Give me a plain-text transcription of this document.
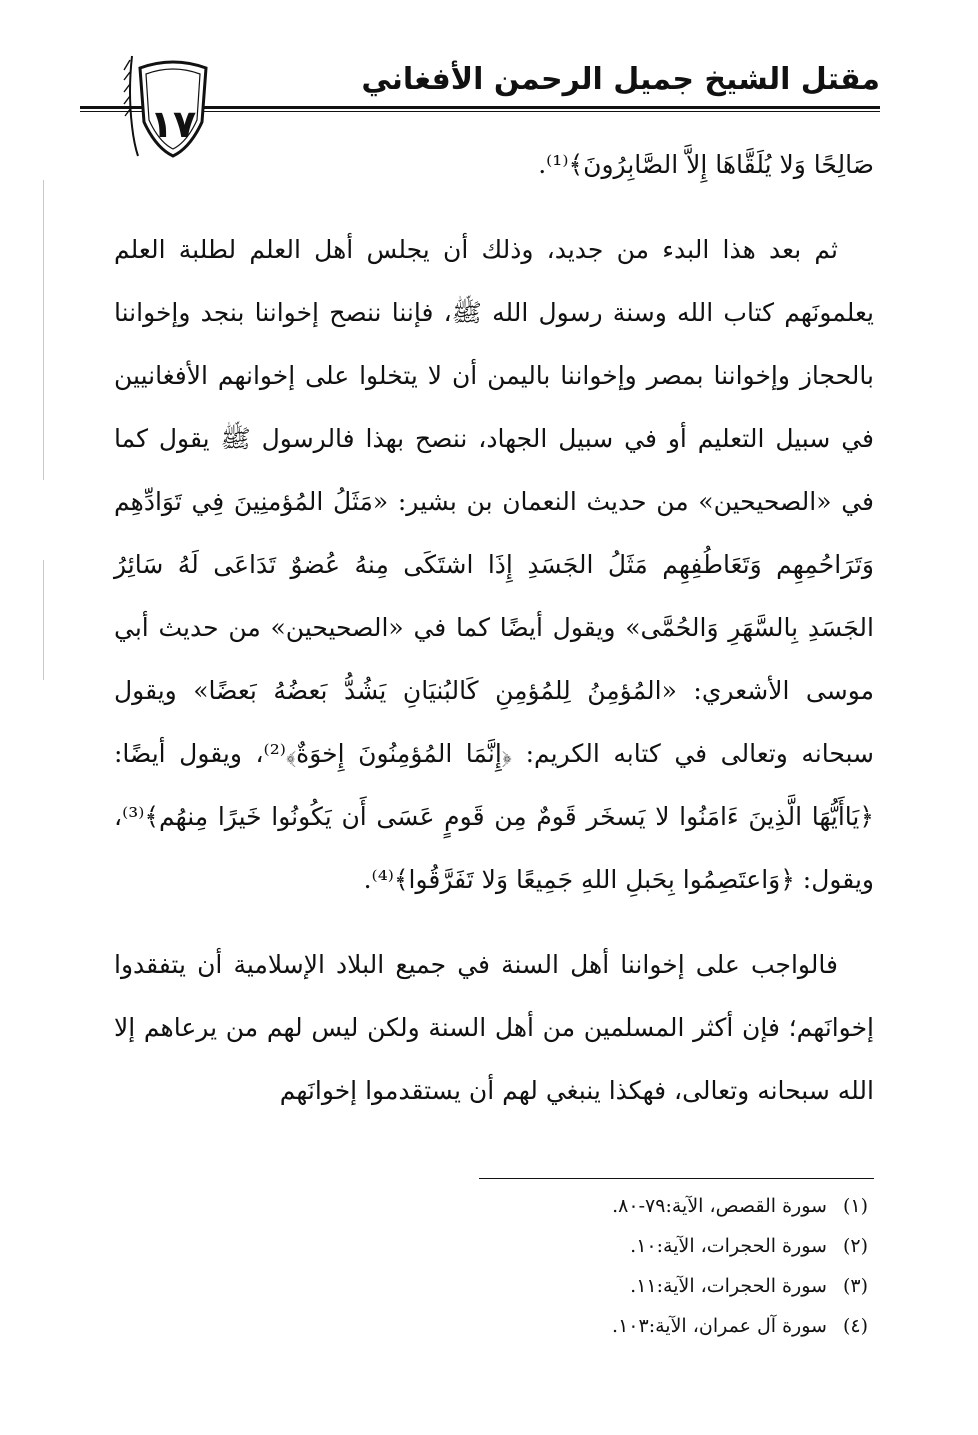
مقتل الشيخ جميل الرحمن الأفغاني
١٧

صَالِحًا وَلا يُلَقَّاهَا إِلاَّ الصَّابِرُونَ﴾⁽¹⁾.

ثم بعد هذا البدء من جديد، وذلك أن يجلس أهل العلم لطلبة العلم يعلمونَهم كتاب الله وسنة رسول الله ﷺ، فإننا ننصح إخواننا بنجد وإخواننا بالحجاز وإخواننا بمصر وإخواننا باليمن أن لا يتخلوا على إخوانهم الأفغانيين في سبيل التعليم أو في سبيل الجهاد، ننصح بهذا فالرسول ﷺ يقول كما في «الصحيحين» من حديث النعمان بن بشير: «مَثَلُ المُؤمنِينَ فِي تَوَادِّهِم وَتَرَاحُمِهِم وَتَعَاطُفِهِم مَثَلُ الجَسَدِ إِذَا اشتَكَى مِنهُ عُضوٌ تَدَاعَى لَهُ سَائِرُ الجَسَدِ بِالسَّهَرِ وَالحُمَّى» ويقول أيضًا كما في «الصحيحين» من حديث أبي موسى الأشعري: «المُؤمِنُ لِلمُؤمِنِ كَالبُنيَانِ يَشُدُّ بَعضُهُ بَعضًا» ويقول سبحانه وتعالى في كتابه الكريم: ﴿إِنَّمَا المُؤمِنُونَ إِخوَةٌ﴾⁽²⁾، ويقول أيضًا: ﴿يَاأَيُّهَا الَّذِينَ ءَامَنُوا لا يَسخَر قَومٌ مِن قَومٍ عَسَى أَن يَكُونُوا خَيرًا مِنهُم﴾⁽³⁾، ويقول: ﴿وَاعتَصِمُوا بِحَبلِ اللهِ جَمِيعًا وَلا تَفَرَّقُوا﴾⁽⁴⁾.

فالواجب على إخواننا أهل السنة في جميع البلاد الإسلامية أن يتفقدوا إخوانَهم؛ فإن أكثر المسلمين من أهل السنة ولكن ليس لهم من يرعاهم إلا الله سبحانه وتعالى، فهكذا ينبغي لهم أن يستقدموا إخوانَهم

(١)
سورة القصص، الآية:٧٩-٨٠.
(٢)
سورة الحجرات، الآية:١٠.
(٣)
سورة الحجرات، الآية:١١.
(٤)
سورة آل عمران، الآية:١٠٣.
